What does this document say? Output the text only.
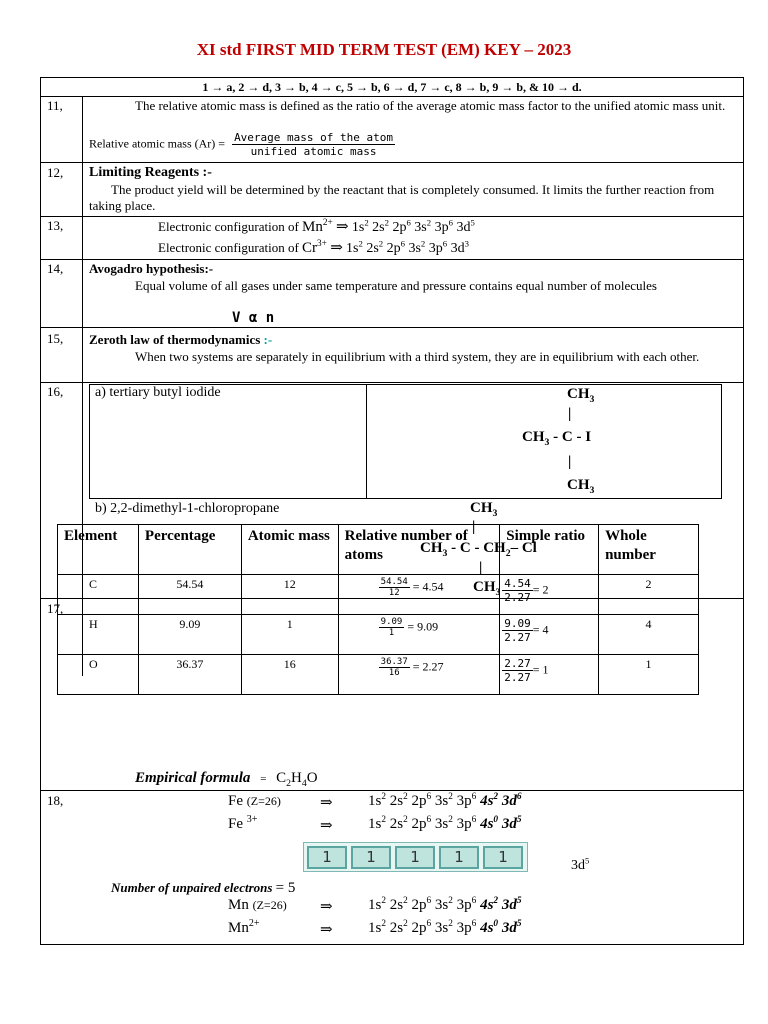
XI std FIRST MID TERM TEST (EM) KEY – 2023
1 → a, 2 → d, 3 → b, 4 → c, 5 → b, 6 → d, 7 → c, 8 → b, 9 → b, & 10 → d.
11,	The relative atomic mass is defined as the ratio of the average atomic mass factor to the unified atomic mass unit.
Relative atomic mass $(Ar) = \frac{\text{Average mass of the atom}}{\text{unified atomic mass}}$
12, Limiting Reagents :-
The product yield will be determined by the reactant that is completely consumed. It limits the further reaction from taking place.
13,	Electronic configuration of $Mn^{2+}$ ⇒ $1s^2$ $2s^2$ $2p^6$ $3s^2$ $3p^6$ $3d^5$
Electronic configuration of $Cr^{3+}$ ⇒ $1s^2$ $2s^2$ $2p^6$ $3s^2$ $3p^6$ $3d^3$
14, Avogadro hypothesis:-
Equal volume of all gases under same temperature and pressure contains equal number of molecules
V α n
15, Zeroth law of thermodynamics :-
When two systems are separately in equilibrium with a third system, they are in equilibrium with each other.
16, a) tertiary butyl iodide
b) 2,2-dimethyl-1-chloropropane
$CH_3$
|
$CH_3$ - C - I
|
$CH_3$
$CH_3$
|
$CH_3$ - C - $CH_2-$ Cl
|
$CH_3$
17,
18,
Element	Percentage	Atomic mass	Relative number of atoms	Simple ratio	Whole number
C	54.54	12	$\frac{54.54}{12} = 4.54$	$\frac{4.54}{2.27} = 2$	2
H	9.09	1	$\frac{9.09}{1} = 9.09$	$\frac{9.09}{2.27} = 4$	4
O	36.37	16	$\frac{36.37}{16} = 2.27$	$\frac{2.27}{2.27} = 1$	1
Empirical formula = $C_2H_4O$
Fe (Z=26)	⇒ $1s^2$ $2s^2$ $2p^6$ $3s^2$ $3p^6$ $4s^2$ $3d^6$
Fe $^{3+}$	⇒ $1s^2$ $2s^2$ $2p^6$ $3s^2$ $3p^6$ $4s^0$ $3d^5$
1	1	1	1	1	$3d^5$
Number of unpaired electrons = 5
Mn (Z=26) ⇒ $1s^2$ $2s^2$ $2p^6$ $3s^2$ $3p^6$ $4s^2$ $3d^5$
$Mn^{2+}$	⇒ $1s^2$ $2s^2$ $2p^6$ $3s^2$ $3p^6$ $4s^0$ $3d^5$
